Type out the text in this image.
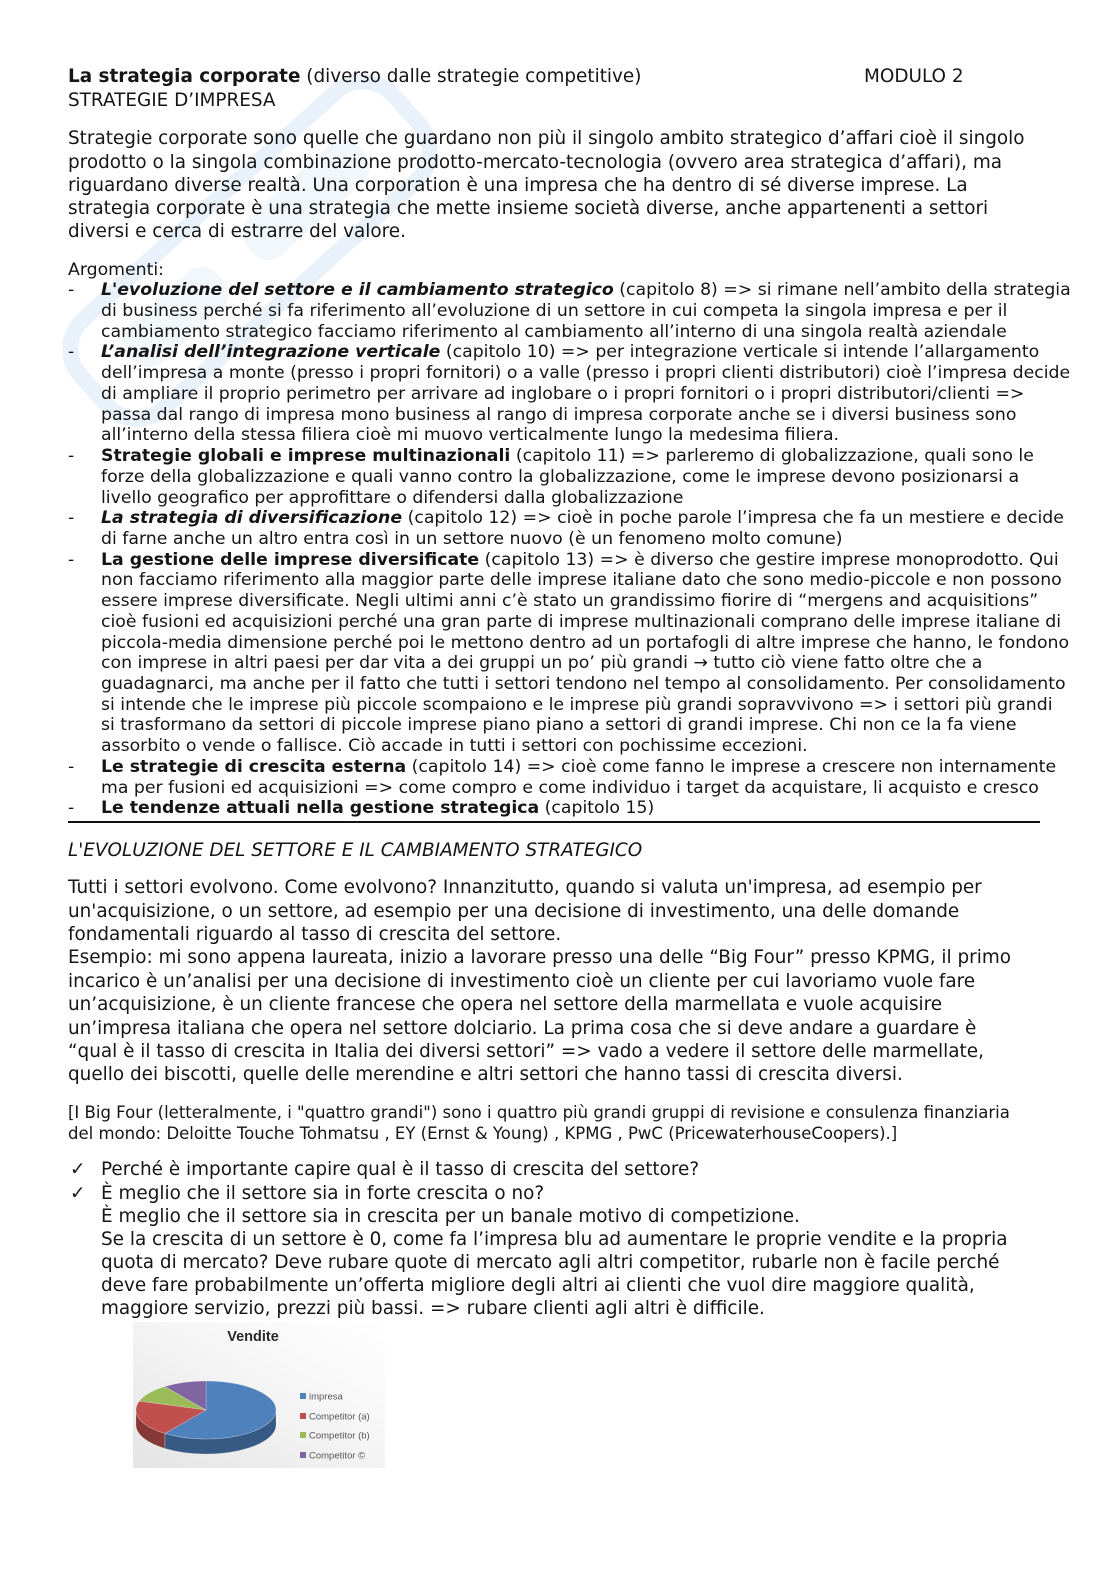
La strategia corporate (diverso dalle strategie competitive)
STRATEGIE D’IMPRESA
MODULO 2
Strategie corporate sono quelle che guardano non più il singolo ambito strategico d’affari cioè il singolo
prodotto o la singola combinazione prodotto-mercato-tecnologia (ovvero area strategica d’affari), ma
riguardano diverse realtà. Una corporation è una impresa che ha dentro di sé diverse imprese. La
strategia corporate è una strategia che mette insieme società diverse, anche appartenenti a settori
diversi e cerca di estrarre del valore.
Argomenti:
- L'evoluzione del settore e il cambiamento strategico (capitolo 8) => si rimane nell’ambito della strategia
di business perché si fa riferimento all’evoluzione di un settore in cui competa la singola impresa e per il
cambiamento strategico facciamo riferimento al cambiamento all’interno di una singola realtà aziendale
- L’analisi dell’integrazione verticale (capitolo 10) => per integrazione verticale si intende l’allargamento
dell’impresa a monte (presso i propri fornitori) o a valle (presso i propri clienti distributori) cioè l’impresa decide
di ampliare il proprio perimetro per arrivare ad inglobare o i propri fornitori o i propri distributori/clienti =>
passa dal rango di impresa mono business al rango di impresa corporate anche se i diversi business sono
all’interno della stessa filiera cioè mi muovo verticalmente lungo la medesima filiera.
- Strategie globali e imprese multinazionali (capitolo 11) => parleremo di globalizzazione, quali sono le
forze della globalizzazione e quali vanno contro la globalizzazione, come le imprese devono posizionarsi a
livello geografico per approfittare o difendersi dalla globalizzazione
- La strategia di diversificazione (capitolo 12) => cioè in poche parole l’impresa che fa un mestiere e decide
di farne anche un altro entra così in un settore nuovo (è un fenomeno molto comune)
- La gestione delle imprese diversificate (capitolo 13) => è diverso che gestire imprese monoprodotto. Qui
non facciamo riferimento alla maggior parte delle imprese italiane dato che sono medio-piccole e non possono
essere imprese diversificate. Negli ultimi anni c’è stato un grandissimo fiorire di “mergens and acquisitions”
cioè fusioni ed acquisizioni perché una gran parte di imprese multinazionali comprano delle imprese italiane di
piccola-media dimensione perché poi le mettono dentro ad un portafogli di altre imprese che hanno, le fondono
con imprese in altri paesi per dar vita a dei gruppi un po’ più grandi → tutto ciò viene fatto oltre che a
guadagnarci, ma anche per il fatto che tutti i settori tendono nel tempo al consolidamento. Per consolidamento
si intende che le imprese più piccole scompaiono e le imprese più grandi sopravvivono => i settori più grandi
si trasformano da settori di piccole imprese piano piano a settori di grandi imprese. Chi non ce la fa viene
assorbito o vende o fallisce. Ciò accade in tutti i settori con pochissime eccezioni.
- Le strategie di crescita esterna (capitolo 14) => cioè come fanno le imprese a crescere non internamente
ma per fusioni ed acquisizioni => come compro e come individuo i target da acquistare, li acquisto e cresco
- Le tendenze attuali nella gestione strategica (capitolo 15)
L'EVOLUZIONE DEL SETTORE E IL CAMBIAMENTO STRATEGICO
Tutti i settori evolvono. Come evolvono? Innanzitutto, quando si valuta un'impresa, ad esempio per
un'acquisizione, o un settore, ad esempio per una decisione di investimento, una delle domande
fondamentali riguardo al tasso di crescita del settore.
Esempio: mi sono appena laureata, inizio a lavorare presso una delle “Big Four” presso KPMG, il primo
incarico è un’analisi per una decisione di investimento cioè un cliente per cui lavoriamo vuole fare
un’acquisizione, è un cliente francese che opera nel settore della marmellata e vuole acquisire
un’impresa italiana che opera nel settore dolciario. La prima cosa che si deve andare a guardare è
“qual è il tasso di crescita in Italia dei diversi settori” => vado a vedere il settore delle marmellate,
quello dei biscotti, quelle delle merendine e altri settori che hanno tassi di crescita diversi.
[I Big Four (letteralmente, i "quattro grandi") sono i quattro più grandi gruppi di revisione e consulenza finanziaria
del mondo: Deloitte Touche Tohmatsu , EY (Ernst & Young) , KPMG , PwC (PricewaterhouseCoopers).]
✓ Perché è importante capire qual è il tasso di crescita del settore?
✓ È meglio che il settore sia in forte crescita o no?
È meglio che il settore sia in crescita per un banale motivo di competizione.
Se la crescita di un settore è 0, come fa l’impresa blu ad aumentare le proprie vendite e la propria
quota di mercato? Deve rubare quote di mercato agli altri competitor, rubarle non è facile perché
deve fare probabilmente un’offerta migliore degli altri ai clienti che vuol dire maggiore qualità,
maggiore servizio, prezzi più bassi. => rubare clienti agli altri è difficile.
Vendite
impresa
Competitor (a)
Competitor (b)
Competitor ©
